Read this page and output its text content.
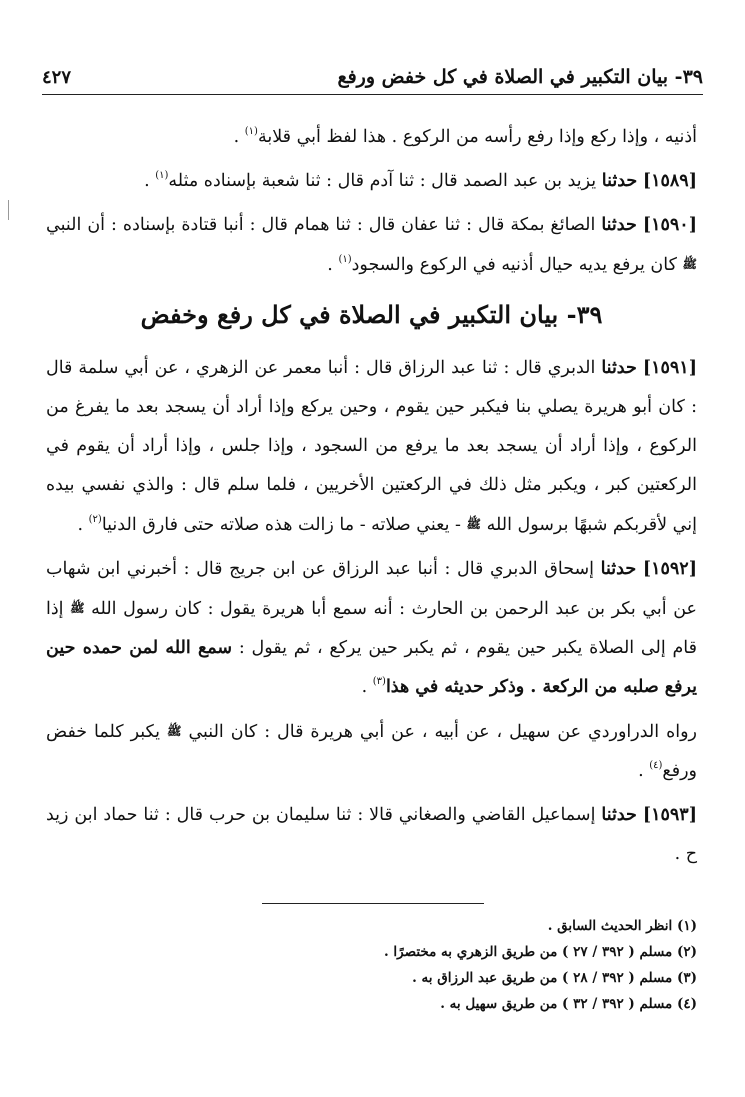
٣٩- بيان التكبير في الصلاة في كل خفض ورفع
٤٢٧

أذنيه ، وإذا ركع وإذا رفع رأسه من الركوع . هذا لفظ أبي قلابة$^{(١)}$ .

[١٥٨٩] حدثنا يزيد بن عبد الصمد قال : ثنا آدم قال : ثنا شعبة بإسناده مثله$^{(١)}$ .

[١٥٩٠] حدثنا الصائغ بمكة قال : ثنا عفان قال : ثنا همام قال : أنبا قتادة بإسناده : أن النبي ﷺ كان يرفع يديه حيال أذنيه في الركوع والسجود$^{(١)}$ .

٣٩- بيان التكبير في الصلاة في كل رفع وخفض

[١٥٩١] حدثنا الدبري قال : ثنا عبد الرزاق قال : أنبا معمر عن الزهري ، عن أبي سلمة قال : كان أبو هريرة يصلي بنا فيكبر حين يقوم ، وحين يركع وإذا أراد أن يسجد بعد ما يفرغ من الركوع ، وإذا أراد أن يسجد بعد ما يرفع من السجود ، وإذا جلس ، وإذا أراد أن يقوم في الركعتين كبر ، ويكبر مثل ذلك في الركعتين الأخريين ، فلما سلم قال : والذي نفسي بيده إني لأقربكم شبهًا برسول الله ﷺ - يعني صلاته - ما زالت هذه صلاته حتى فارق الدنيا$^{(٢)}$ .

[١٥٩٢] حدثنا إسحاق الدبري قال : أنبا عبد الرزاق عن ابن جريج قال : أخبرني ابن شهاب عن أبي بكر بن عبد الرحمن بن الحارث : أنه سمع أبا هريرة يقول : كان رسول الله ﷺ إذا قام إلى الصلاة يكبر حين يقوم ، ثم يكبر حين يركع ، ثم يقول : سمع الله لمن حمده حين يرفع صلبه من الركعة . وذكر حديثه في هذا$^{(٣)}$ .

رواه الدراوردي عن سهيل ، عن أبيه ، عن أبي هريرة قال : كان النبي ﷺ يكبر كلما خفض ورفع$^{(٤)}$ .

[١٥٩٣] حدثنا إسماعيل القاضي والصغاني قالا : ثنا سليمان بن حرب قال : ثنا حماد ابن زيد ح .

(١) انظر الحديث السابق .
(٢) مسلم ( ٣٩٢ / ٢٧ ) من طريق الزهري به مختصرًا .
(٣) مسلم ( ٣٩٢ / ٢٨ ) من طريق عبد الرزاق به .
(٤) مسلم ( ٣٩٢ / ٣٢ ) من طريق سهيل به .
